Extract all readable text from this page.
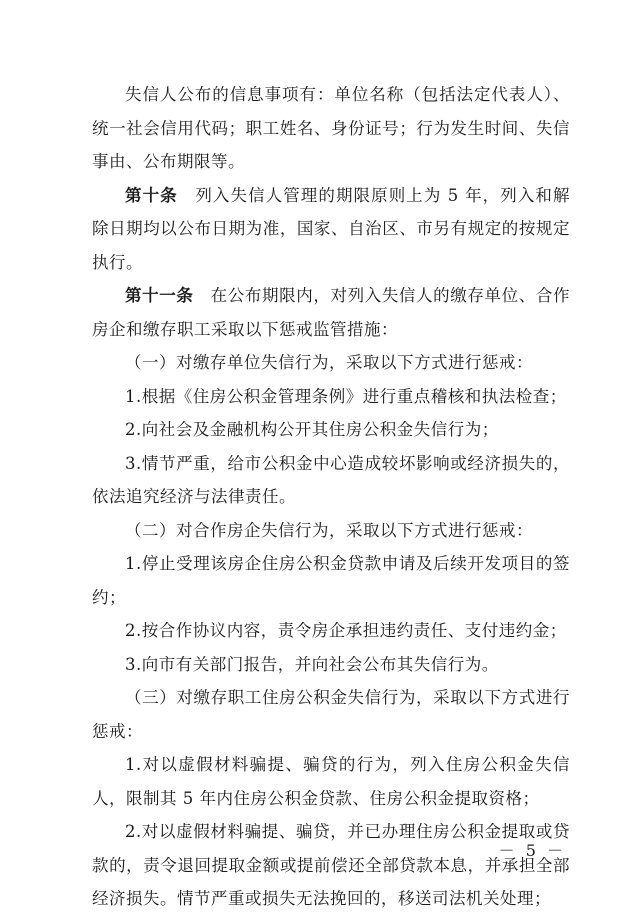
失信人公布的信息事项有：单位名称（包括法定代表人）、统一社会信用代码；职工姓名、身份证号；行为发生时间、失信事由、公布期限等。

第十条　列入失信人管理的期限原则上为 5 年，列入和解除日期均以公布日期为准，国家、自治区、市另有规定的按规定执行。

第十一条　在公布期限内，对列入失信人的缴存单位、合作房企和缴存职工采取以下惩戒监管措施：

（一）对缴存单位失信行为，采取以下方式进行惩戒：

1.根据《住房公积金管理条例》进行重点稽核和执法检查；

2.向社会及金融机构公开其住房公积金失信行为；

3.情节严重，给市公积金中心造成较坏影响或经济损失的，依法追究经济与法律责任。

（二）对合作房企失信行为，采取以下方式进行惩戒：

1.停止受理该房企住房公积金贷款申请及后续开发项目的签约；

2.按合作协议内容，责令房企承担违约责任、支付违约金；

3.向市有关部门报告，并向社会公布其失信行为。

（三）对缴存职工住房公积金失信行为，采取以下方式进行惩戒：

1.对以虚假材料骗提、骗贷的行为，列入住房公积金失信人，限制其 5 年内住房公积金贷款、住房公积金提取资格；

2.对以虚假材料骗提、骗贷，并已办理住房公积金提取或贷款的，责令退回提取金额或提前偿还全部贷款本息，并承担全部经济损失。情节严重或损失无法挽回的，移送司法机关处理；

－ 5 －
